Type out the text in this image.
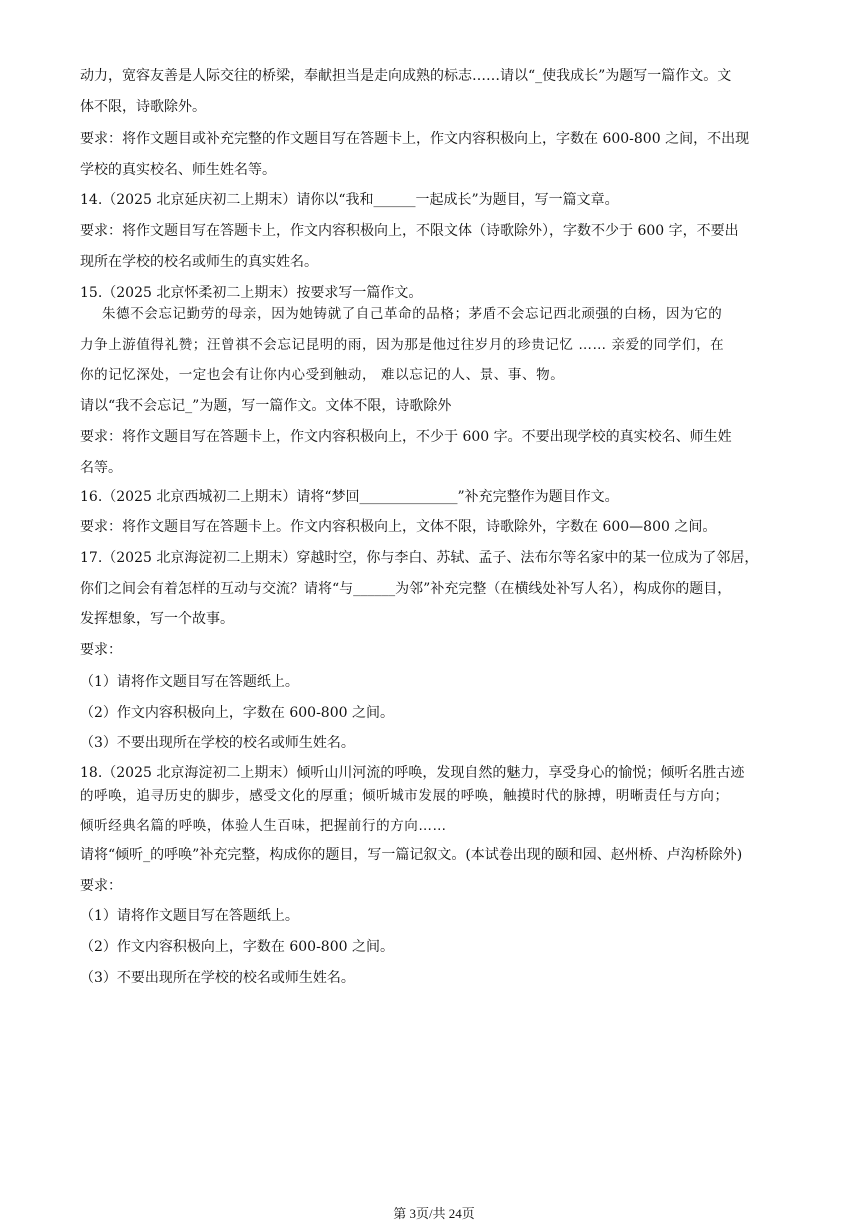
动力，宽容友善是人际交往的桥梁，奉献担当是走向成熟的标志……请以“_使我成长”为题写一篇作文。文
体不限，诗歌除外。
要求：将作文题目或补充完整的作文题目写在答题卡上，作文内容积极向上，字数在 600-800 之间，不出现
学校的真实校名、师生姓名等。
14.（2025 北京延庆初二上期末）请你以“我和______一起成长”为题目，写一篇文章。
要求：将作文题目写在答题卡上，作文内容积极向上，不限文体（诗歌除外），字数不少于 600 字，不要出
现所在学校的校名或师生的真实姓名。
15.（2025 北京怀柔初二上期末）按要求写一篇作文。
朱德不会忘记勤劳的母亲，因为她铸就了自己革命的品格；茅盾不会忘记西北顽强的白杨，因为它的
力争上游值得礼赞；汪曾祺不会忘记昆明的雨，因为那是他过往岁月的珍贵记忆 …… 亲爱的同学们，在
你的记忆深处，一定也会有让你内心受到触动， 难以忘记的人、景、事、物。
请以“我不会忘记_”为题，写一篇作文。文体不限，诗歌除外
要求：将作文题目写在答题卡上，作文内容积极向上，不少于 600 字。不要出现学校的真实校名、师生姓
名等。
16.（2025 北京西城初二上期末）请将“梦回______________”补充完整作为题目作文。
要求：将作文题目写在答题卡上。作文内容积极向上，文体不限，诗歌除外，字数在 600—800 之间。
17.（2025 北京海淀初二上期末）穿越时空，你与李白、苏轼、孟子、法布尔等名家中的某一位成为了邻居，
你们之间会有着怎样的互动与交流？请将“与______为邻”补充完整（在横线处补写人名），构成你的题目，
发挥想象，写一个故事。
要求：
（1）请将作文题目写在答题纸上。
（2）作文内容积极向上，字数在 600-800 之间。
（3）不要出现所在学校的校名或师生姓名。
18.（2025 北京海淀初二上期末）倾听山川河流的呼唤，发现自然的魅力，享受身心的愉悦；倾听名胜古迹
的呼唤，追寻历史的脚步，感受文化的厚重；倾听城市发展的呼唤，触摸时代的脉搏，明晰责任与方向；
倾听经典名篇的呼唤，体验人生百味，把握前行的方向……
请将“倾听_的呼唤”补充完整，构成你的题目，写一篇记叙文。(本试卷出现的颐和园、赵州桥、卢沟桥除外)
要求：
（1）请将作文题目写在答题纸上。
（2）作文内容积极向上，字数在 600-800 之间。
（3）不要出现所在学校的校名或师生姓名。
第 3页/共 24页
